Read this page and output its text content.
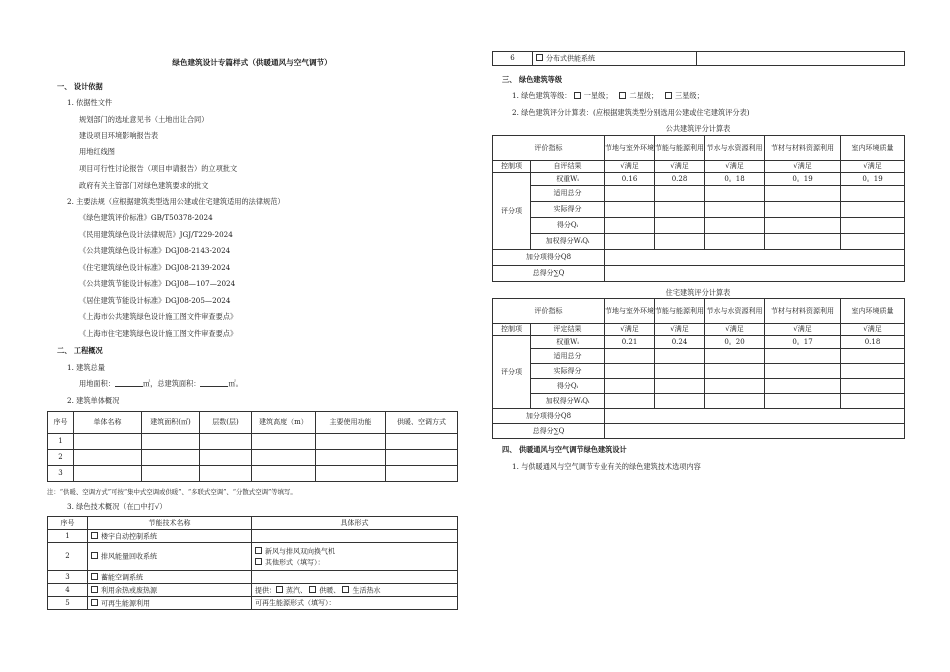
绿色建筑设计专篇样式（供暖通风与空气调节）
一、 设计依据
1. 依据性文件
规划部门的选址意见书（土地出让合同）
建设项目环境影响报告表
用地红线图
项目可行性讨论报告（项目申请报告）的立项批文
政府有关主管部门对绿色建筑要求的批文
2. 主要法规（应根据建筑类型选用公建或住宅建筑适用的法律规范）
《绿色建筑评价标准》GB/T50378-2024
《民用建筑绿色设计法律规范》JGJ/T229-2024
《公共建筑绿色设计标准》DGJ08-2143-2024
《住宅建筑绿色设计标准》DGJ08-2139-2024
《公共建筑节能设计标准》DGJ08—107—2024
《居住建筑节能设计标准》DGJ08-205—2024
《上海市公共建筑绿色设计施工图文件审查要点》
《上海市住宅建筑绿色设计施工图文件审查要点》
二、 工程概况
1. 建筑总量
用地面积：	㎡，总建筑面积：	㎡。
2. 建筑单体概况
序号	单体名称	建筑面积(㎡)	层数(层)	建筑高度（m）	主要使用功能	供暖、空调方式
1						
2						
3						
注：“供暖、空调方式”可按“集中式空调或供暖”、“多联式空调”、“分散式空调”等填写。
3. 绿色技术概况（在□中打√）
序号	节能技术名称	具体形式
1	楼宇自动控制系统	
2	排风能量回收系统	新风与排风双向换气机
其他形式（填写）：

3	蓄能空调系统	
4	利用余热或废热源	提供： 蒸汽、 供暖、 生活热水
5	可再生能源利用	可再生能源形式（填写）：
6	分布式供能系统	
三、 绿色建筑等级
1. 绿色建筑等级： 一星级； 二星级； 三星级；
2. 绿色建筑评分计算表：(应根据建筑类型分别选用公建或住宅建筑评分表)
公共建筑评分计算表
评价指标		节地与室外环境	节能与能源利用	节水与水资源利用	节材与材料资源利用	室内环境质量
控制项	自评结果	√满足	√满足	√满足	√满足	√满足
评分项	权重Wᵢ	0.16	0.28	0。18	0。19	0。19
	适用总分					
	实际得分					
	得分Qᵢ					
	加权得分WᵢQᵢ					
加分项得分Q8						
总得分∑Q						
住宅建筑评分计算表
评价指标		节地与室外环境	节能与能源利用	节水与水资源利用	节材与材料资源利用	室内环境质量
控制项	评定结果	√满足	√满足	√满足	√满足	√满足
评分项	权重Wᵢ	0.21	0.24	0。20	0。17	0.18
	适用总分					
	实际得分					
	得分Qᵢ					
	加权得分WᵢQᵢ					
加分项得分Q8						
总得分∑Q						
四、 供暖通风与空气调节绿色建筑设计
1. 与供暖通风与空气调节专业有关的绿色建筑技术选项内容
